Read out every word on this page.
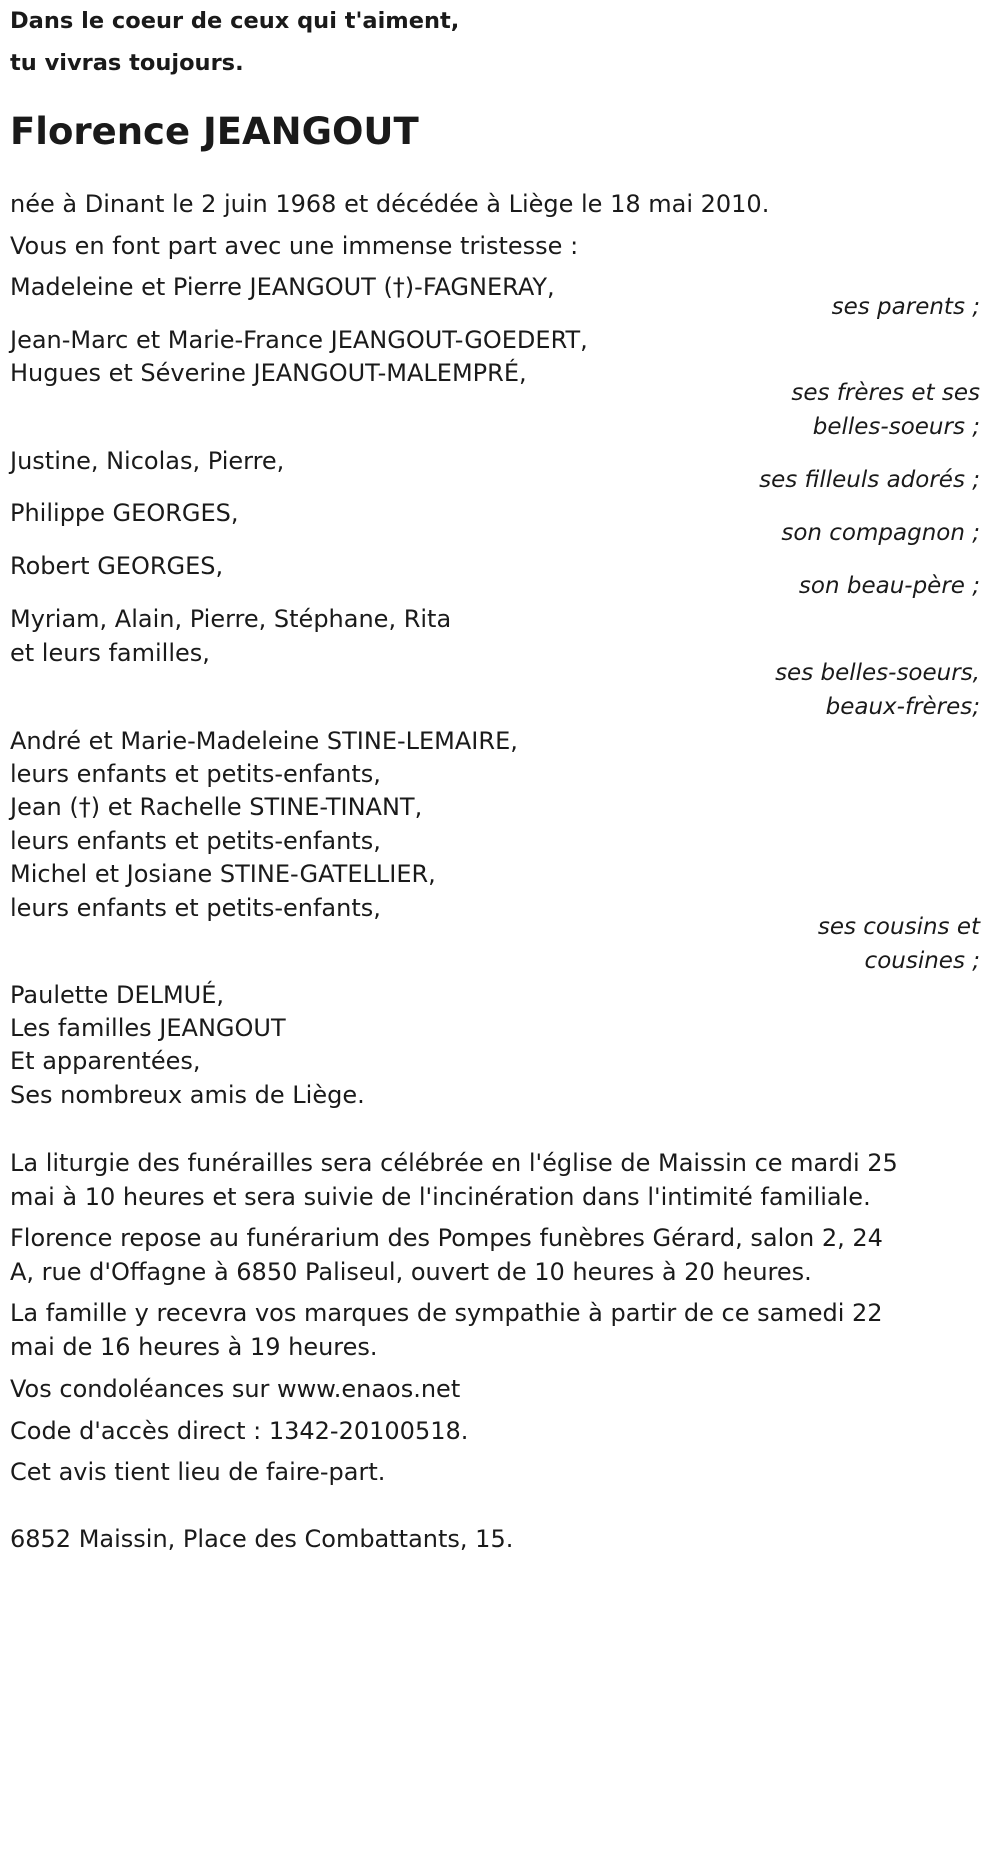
Dans le coeur de ceux qui t'aiment,
tu vivras toujours.
Florence JEANGOUT
née à Dinant le 2 juin 1968 et décédée à Liège le 18 mai 2010.
Vous en font part avec une immense tristesse :
Madeleine et Pierre JEANGOUT (†)-FAGNERAY,
ses parents ;
Jean-Marc et Marie-France JEANGOUT-GOEDERT,
Hugues et Séverine JEANGOUT-MALEMPRÉ,
ses frères et ses
belles-soeurs ;
Justine, Nicolas, Pierre,
ses filleuls adorés ;
Philippe GEORGES,
son compagnon ;
Robert GEORGES,
son beau-père ;
Myriam, Alain, Pierre, Stéphane, Rita
et leurs familles,
ses belles-soeurs,
beaux-frères;
André et Marie-Madeleine STINE-LEMAIRE,
leurs enfants et petits-enfants,
Jean (†) et Rachelle STINE-TINANT,
leurs enfants et petits-enfants,
Michel et Josiane STINE-GATELLIER,
leurs enfants et petits-enfants,
ses cousins et
cousines ;
Paulette DELMUÉ,
Les familles JEANGOUT
Et apparentées,
Ses nombreux amis de Liège.
La liturgie des funérailles sera célébrée en l'église de Maissin ce mardi 25
mai à 10 heures et sera suivie de l'incinération dans l'intimité familiale.
Florence repose au funérarium des Pompes funèbres Gérard, salon 2, 24
A, rue d'Offagne à 6850 Paliseul, ouvert de 10 heures à 20 heures.
La famille y recevra vos marques de sympathie à partir de ce samedi 22
mai de 16 heures à 19 heures.
Vos condoléances sur www.enaos.net
Code d'accès direct : 1342-20100518.
Cet avis tient lieu de faire-part.
6852 Maissin, Place des Combattants, 15.
